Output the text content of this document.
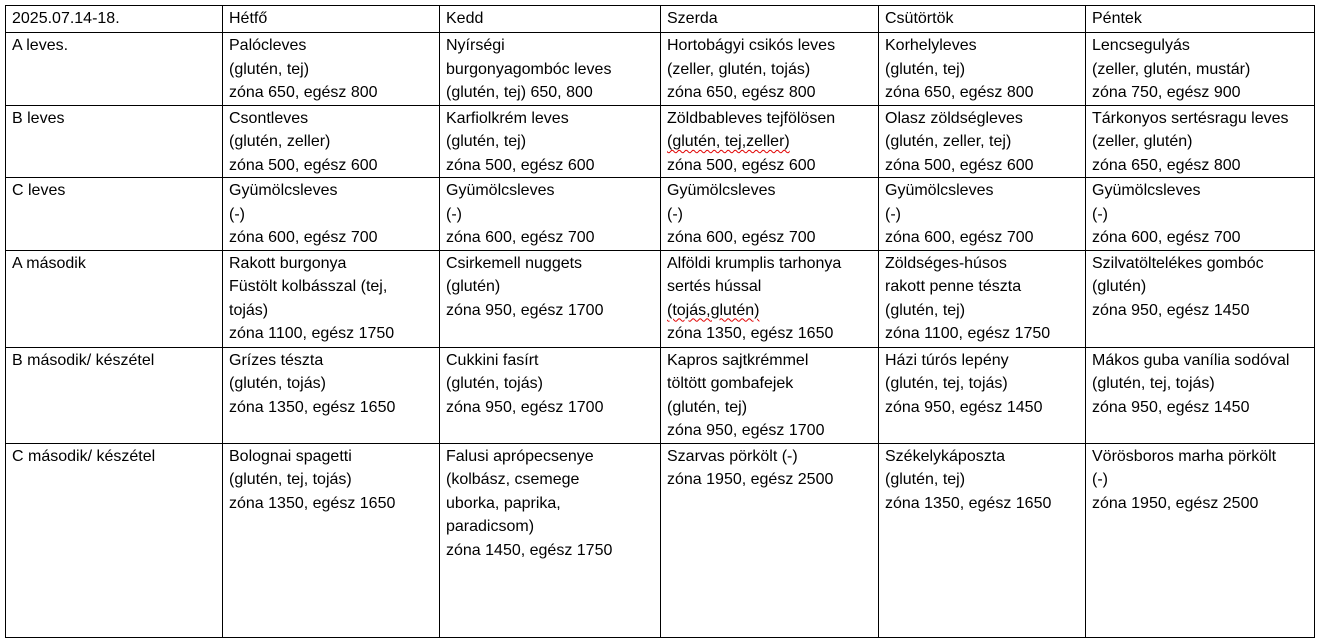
2025.07.14-18.	Hétfő	Kedd	Szerda	Csütörtök	Péntek
A leves.	Palócleves
(glutén, tej)
zóna 650, egész 800	Nyírségi
burgonyagombóc leves
(glutén, tej) 650, 800	Hortobágyi csikós leves
(zeller, glutén, tojás)
zóna 650, egész 800	Korhelyleves
(glutén, tej)
zóna 650, egész 800	Lencsegulyás
(zeller, glutén, mustár)
zóna 750, egész 900

B leves	Csontleves
(glutén, zeller)
zóna 500, egész 600	Karfiolkrém leves
(glutén, tej)
zóna 500, egész 600	Zöldbableves tejfölösen
(glutén, tej,zeller)
zóna 500, egész 600	Olasz zöldségleves
(glutén, zeller, tej)
zóna 500, egész 600	Tárkonyos sertésragu leves
(zeller, glutén)
zóna 650, egész 800

C leves	Gyümölcsleves
(-)
zóna 600, egész 700	Gyümölcsleves
(-)
zóna 600, egész 700	Gyümölcsleves
(-)
zóna 600, egész 700	Gyümölcsleves
(-)
zóna 600, egész 700	Gyümölcsleves
(-)
zóna 600, egész 700

A második	Rakott burgonya
Füstölt kolbásszal (tej,
tojás)
zóna 1100, egész 1750	Csirkemell nuggets
(glutén)
zóna 950, egész 1700	Alföldi krumplis tarhonya
sertés hússal
(tojás,glutén)
zóna 1350, egész 1650	Zöldséges-húsos
rakott penne tészta
(glutén, tej)
zóna 1100, egész 1750	Szilvatöltelékes gombóc
(glutén)
zóna 950, egész 1450

B második/ készétel	Grízes tészta
(glutén, tojás)
zóna 1350, egész 1650	Cukkini fasírt
(glutén, tojás)
zóna 950, egész 1700	Kapros sajtkrémmel
töltött gombafejek
(glutén, tej)
zóna 950, egész 1700	Házi túrós lepény
(glutén, tej, tojás)
zóna 950, egész 1450	Mákos guba vanília sodóval
(glutén, tej, tojás)
zóna 950, egész 1450

C második/ készétel	Bolognai spagetti
(glutén, tej, tojás)
zóna 1350, egész 1650	Falusi aprópecsenye
(kolbász, csemege
uborka, paprika,
paradicsom)
zóna 1450, egész 1750	Szarvas pörkölt (-)
zóna 1950, egész 2500	Székelykáposzta
(glutén, tej)
zóna 1350, egész 1650	Vörösboros marha pörkölt
(-)
zóna 1950, egész 2500
